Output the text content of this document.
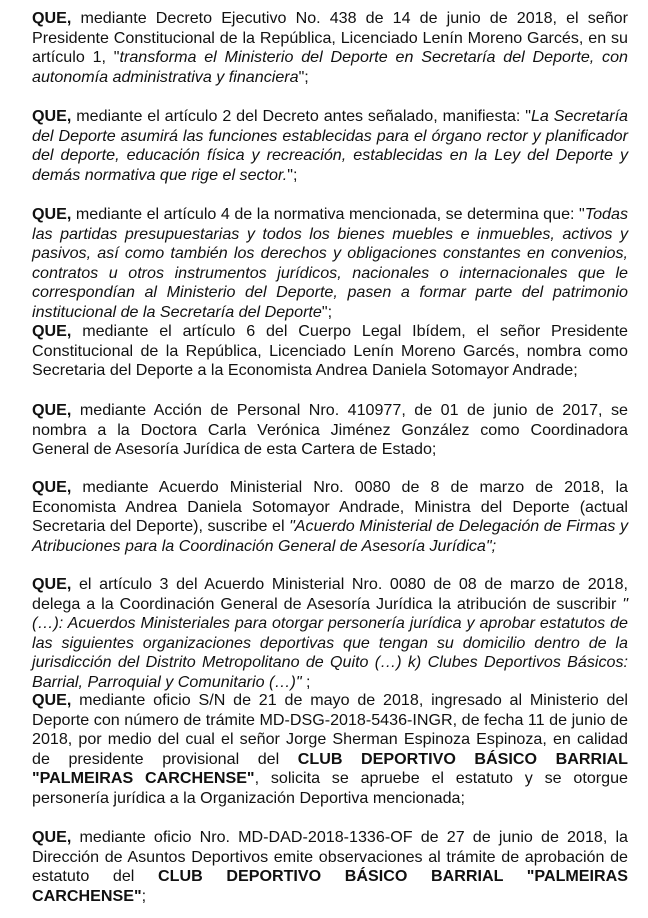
QUE, mediante Decreto Ejecutivo No. 438 de 14 de junio de 2018, el señor Presidente Constitucional de la República, Licenciado Lenín Moreno Garcés, en su artículo 1, "transforma el Ministerio del Deporte en Secretaría del Deporte, con autonomía administrativa y financiera";

QUE, mediante el artículo 2 del Decreto antes señalado, manifiesta: "La Secretaría del Deporte asumirá las funciones establecidas para el órgano rector y planificador del deporte, educación física y recreación, establecidas en la Ley del Deporte y demás normativa que rige el sector.";

QUE, mediante el artículo 4 de la normativa mencionada, se determina que: "Todas las partidas presupuestarias y todos los bienes muebles e inmuebles, activos y pasivos, así como también los derechos y obligaciones constantes en convenios, contratos u otros instrumentos jurídicos, nacionales o internacionales que le correspondían al Ministerio del Deporte, pasen a formar parte del patrimonio institucional de la Secretaría del Deporte";

QUE, mediante el artículo 6 del Cuerpo Legal Ibídem, el señor Presidente Constitucional de la República, Licenciado Lenín Moreno Garcés, nombra como Secretaria del Deporte a la Economista Andrea Daniela Sotomayor Andrade;

QUE, mediante Acción de Personal Nro. 410977, de 01 de junio de 2017, se nombra a la Doctora Carla Verónica Jiménez González como Coordinadora General de Asesoría Jurídica de esta Cartera de Estado;

QUE, mediante Acuerdo Ministerial Nro. 0080 de 8 de marzo de 2018, la Economista Andrea Daniela Sotomayor Andrade, Ministra del Deporte (actual Secretaria del Deporte), suscribe el "Acuerdo Ministerial de Delegación de Firmas y Atribuciones para la Coordinación General de Asesoría Jurídica";

QUE, el artículo 3 del Acuerdo Ministerial Nro. 0080 de 08 de marzo de 2018, delega a la Coordinación General de Asesoría Jurídica la atribución de suscribir "(…): Acuerdos Ministeriales para otorgar personería jurídica y aprobar estatutos de las siguientes organizaciones deportivas que tengan su domicilio dentro de la jurisdicción del Distrito Metropolitano de Quito (…) k) Clubes Deportivos Básicos: Barrial, Parroquial y Comunitario (…)" ;

QUE, mediante oficio S/N de 21 de mayo de 2018, ingresado al Ministerio del Deporte con número de trámite MD-DSG-2018-5436-INGR, de fecha 11 de junio de 2018, por medio del cual el señor Jorge Sherman Espinoza Espinoza, en calidad de presidente provisional del CLUB DEPORTIVO BÁSICO BARRIAL "PALMEIRAS CARCHENSE", solicita se apruebe el estatuto y se otorgue personería jurídica a la Organización Deportiva mencionada;

QUE, mediante oficio Nro. MD-DAD-2018-1336-OF de 27 de junio de 2018, la Dirección de Asuntos Deportivos emite observaciones al trámite de aprobación de estatuto del CLUB DEPORTIVO BÁSICO BARRIAL "PALMEIRAS CARCHENSE";
